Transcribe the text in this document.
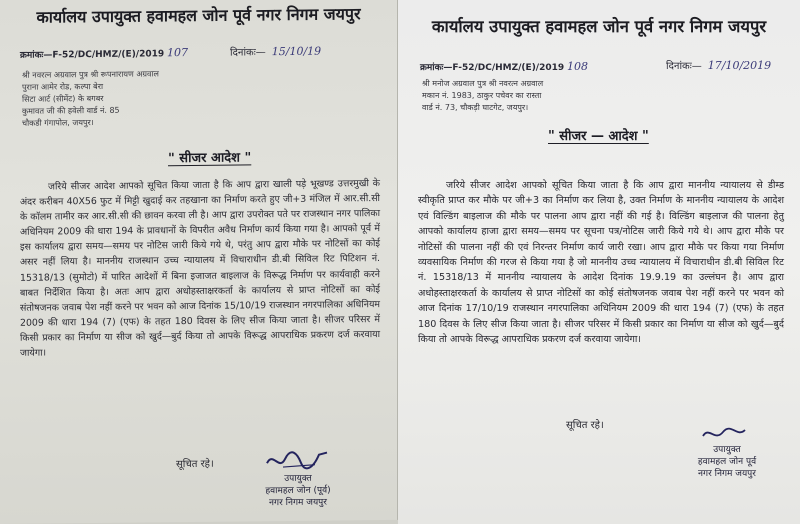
कार्यालय उपायुक्त हवामहल जोन पूर्व नगर निगम जयपुर
क्रमांकः—F-52/DC/HMZ/(E)/2019 107	दिनांकः— 15/10/19
श्री नवरत्न अग्रवाल पुत्र श्री रूपनारायण अग्रवाल
पुराना आमेर रोड, कल्पा बेरा
सिटा आर्ट (सीमेंट) के बगबर
कुमावत जी की हवेली वार्ड नं. 85
चौकडी गंगापोल, जयपुर।
" सीजर आदेश "

जरिये सीजर आदेश आपको सूचित किया जाता है कि आप द्वारा खाली पड़े भूखण्ड उत्तरमुखी के अंदर करीबन 40X56 फुट में मिट्टी खुदाई कर तहखाना का निर्माण करते हुए जी+3 मंजिल में आर.सी.सी के कॉलम तामीर कर आर.सी.सी की छावन करवा ली है। आप द्वारा उपरोक्त पते पर राजस्थान नगर पालिका अधिनियम 2009 की धारा 194 के प्रावधानों के विपरीत अवैध निर्माण कार्य किया गया है। आपको पूर्व में इस कार्यालय द्वारा समय—समय पर नोटिस जारी किये गये थे, परंतु आप द्वारा मौके पर नोटिसों का कोई असर नहीं लिया है। माननीय राजस्थान उच्च न्यायालय में विचाराधीन डी.बी सिविल रिट पिटिशन नं. 15318/13 (सुमोटो) में पारित आदेशों में बिना इजाजत बाइलाज के विरूद्ध निर्माण पर कार्यवाही करने बाबत निर्देशित किया है। अतः आप द्वारा अधोहस्ताक्षरकर्ता के कार्यालय से प्राप्त नोटिसों का कोई संतोषजनक जवाब पेश नहीं करने पर भवन को आज दिनांक 15/10/19 राजस्थान नगरपालिका अधिनियम 2009 की धारा 194 (7) (एफ) के तहत 180 दिवस के लिए सीज किया जाता है। सीजर परिसर में किसी प्रकार का निर्माण या सीज को खुर्द—बुर्द किया तो आपके विरूद्ध आपराधिक प्रकरण दर्ज करवाया जायेगा।

सूचित रहे।
उपायुक्त
हवामहल जोन (पूर्व)
नगर निगम जयपुर
कार्यालय उपायुक्त हवामहल जोन पूर्व नगर निगम जयपुर
क्रमांकः—F-52/DC/HMZ/(E)/2019 108	दिनांकः— 17/10/2019
श्री मनोज अग्रवाल पुत्र श्री नवरत्न अग्रवाल
मकान नं. 1983, ठाकुर पचेवर का रास्ता
वार्ड नं. 73, चौकड़ी घाटगेट, जयपुर।
" सीजर — आदेश "

जरिये सीजर आदेश आपको सूचित किया जाता है कि आप द्वारा माननीय न्यायालय से डीम्ड स्वीकृति प्राप्त कर मौके पर जी+3 का निर्माण कर लिया है, उक्त निर्माण के माननीय न्यायालय के आदेश एवं विल्डिंग बाइलाज की मौके पर पालना आप द्वारा नहीं की गई है। विल्डिंग बाइलाज की पालना हेतु आपको कार्यालय हाजा द्वारा समय—समय पर सूचना पत्र/नोटिस जारी किये गये थे। आप द्वारा मौके पर नोटिसों की पालना नहीं की एवं निरन्तर निर्माण कार्य जारी रखा। आप द्वारा मौके पर किया गया निर्माण व्यवसायिक निर्माण की गरज से किया गया है जो माननीय उच्च न्यायालय में विचाराधीन डी.बी सिविल रिट नं. 15318/13 में माननीय न्यायालय के आदेश दिनांक 19.9.19 का उल्लंघन है। आप द्वारा अधोहस्ताक्षरकर्ता के कार्यालय से प्राप्त नोटिसों का कोई संतोषजनक जवाब पेश नहीं करने पर भवन को आज दिनांक 17/10/19 राजस्थान नगरपालिका अधिनियम 2009 की धारा 194 (7) (एफ) के तहत 180 दिवस के लिए सीज किया जाता है। सीजर परिसर में किसी प्रकार का निर्माण या सीज को खुर्द—बुर्द किया तो आपके विरूद्ध आपराधिक प्रकरण दर्ज करवाया जायेगा।

सूचित रहे।
उपायुक्त
हवामहल जोन पूर्व
नगर निगम जयपुर
